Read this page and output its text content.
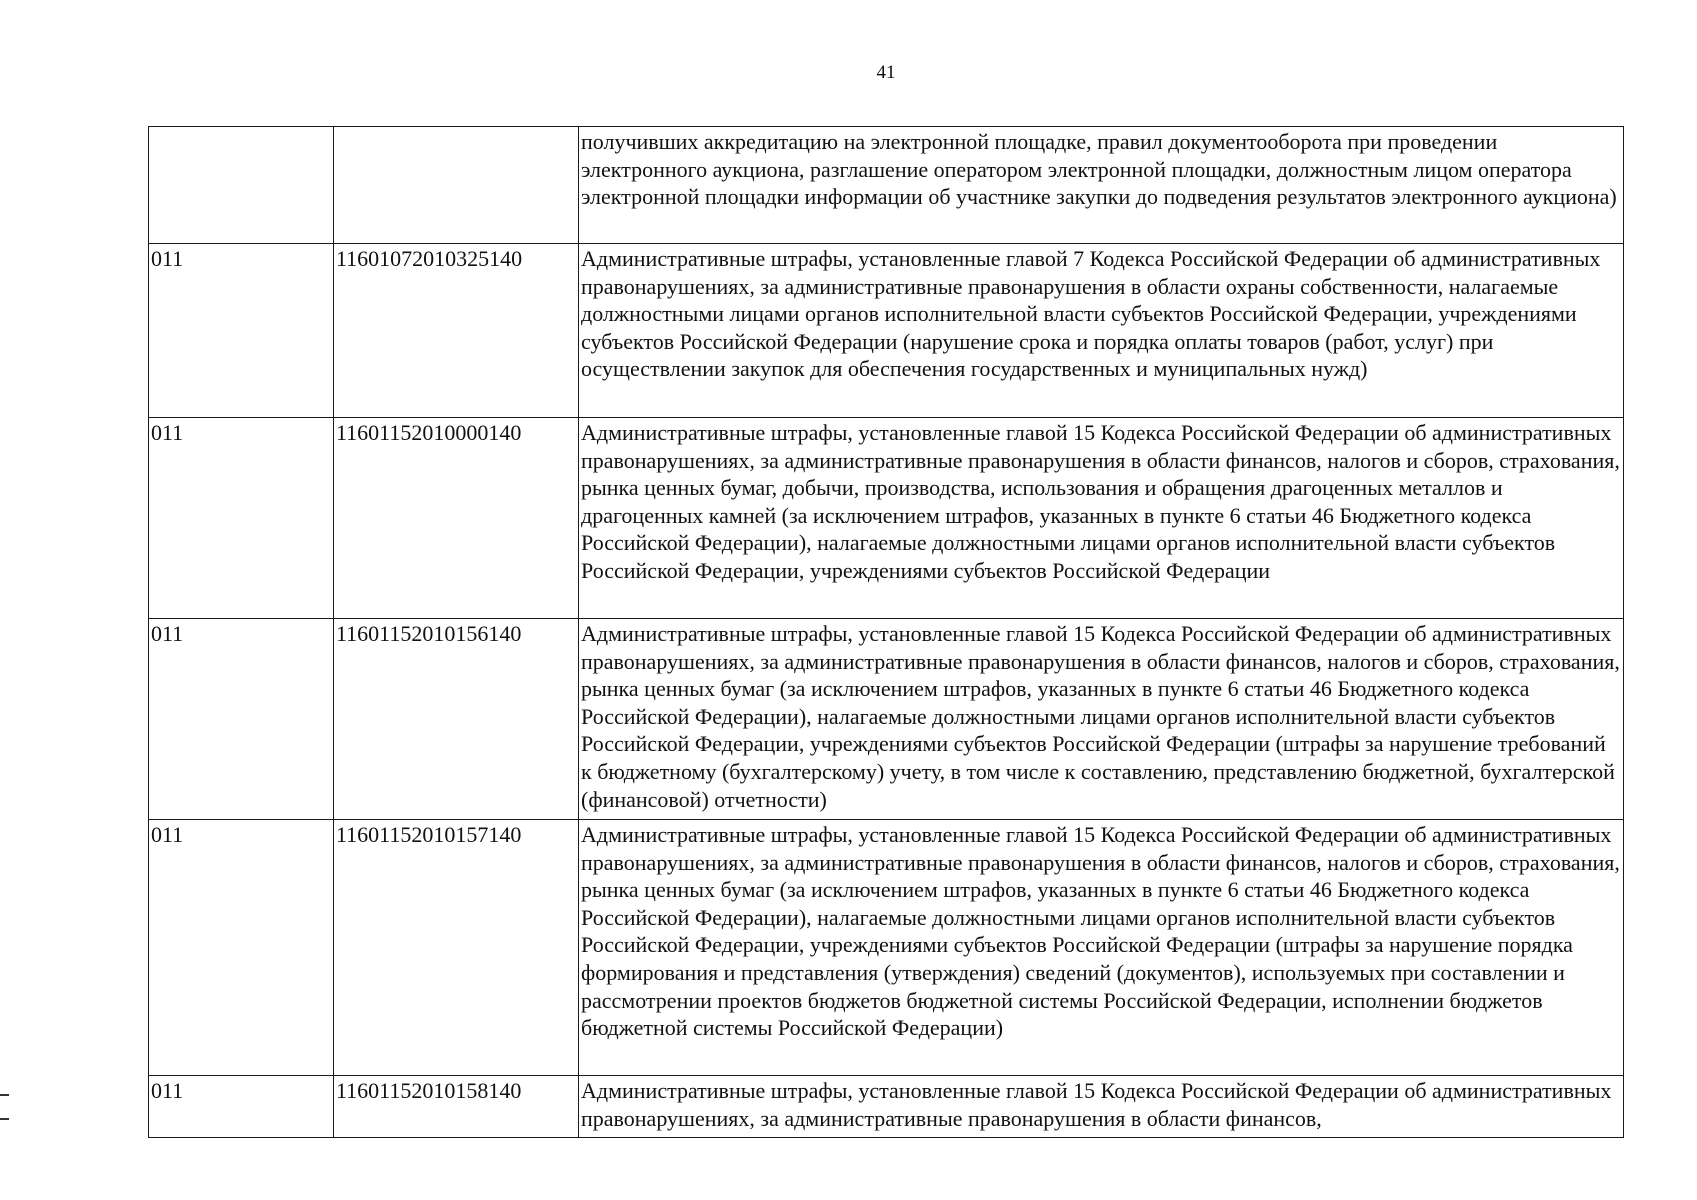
41
		получивших аккредитацию на электронной площадке, правил документооборота при проведении электронного аукциона, разглашение оператором электронной площадки, должностным лицом оператора электронной площадки информации об участнике закупки до подведения результатов электронного аукциона)
011	11601072010325140	Административные штрафы, установленные главой 7 Кодекса Российской Федерации об административных правонарушениях, за административные правонарушения в области охраны собственности, налагаемые должностными лицами органов исполнительной власти субъектов Российской Федерации, учреждениями субъектов Российской Федерации (нарушение срока и порядка оплаты товаров (работ, услуг) при осуществлении закупок для обеспечения государственных и муниципальных нужд)
011	11601152010000140	Административные штрафы, установленные главой 15 Кодекса Российской Федерации об административных правонарушениях, за административные правонарушения в области финансов, налогов и сборов, страхования, рынка ценных бумаг, добычи, производства, использования и обращения драгоценных металлов и драгоценных камней (за исключением штрафов, указанных в пункте 6 статьи 46 Бюджетного кодекса Российской Федерации), налагаемые должностными лицами органов исполнительной власти субъектов Российской Федерации, учреждениями субъектов Российской Федерации
011	11601152010156140	Административные штрафы, установленные главой 15 Кодекса Российской Федерации об административных правонарушениях, за административные правонарушения в области финансов, налогов и сборов, страхования, рынка ценных бумаг (за исключением штрафов, указанных в пункте 6 статьи 46 Бюджетного кодекса Российской Федерации), налагаемые должностными лицами органов исполнительной власти субъектов Российской Федерации, учреждениями субъектов Российской Федерации (штрафы за нарушение требований к бюджетному (бухгалтерскому) учету, в том числе к составлению, представлению бюджетной, бухгалтерской (финансовой) отчетности)
011	11601152010157140	Административные штрафы, установленные главой 15 Кодекса Российской Федерации об административных правонарушениях, за административные правонарушения в области финансов, налогов и сборов, страхования, рынка ценных бумаг (за исключением штрафов, указанных в пункте 6 статьи 46 Бюджетного кодекса Российской Федерации), налагаемые должностными лицами органов исполнительной власти субъектов Российской Федерации, учреждениями субъектов Российской Федерации (штрафы за нарушение порядка формирования и представления (утверждения) сведений (документов), используемых при составлении и рассмотрении проектов бюджетов бюджетной системы Российской Федерации, исполнении бюджетов бюджетной системы Российской Федерации)
011	11601152010158140	Административные штрафы, установленные главой 15 Кодекса Российской Федерации об административных правонарушениях, за административные правонарушения в области финансов,
